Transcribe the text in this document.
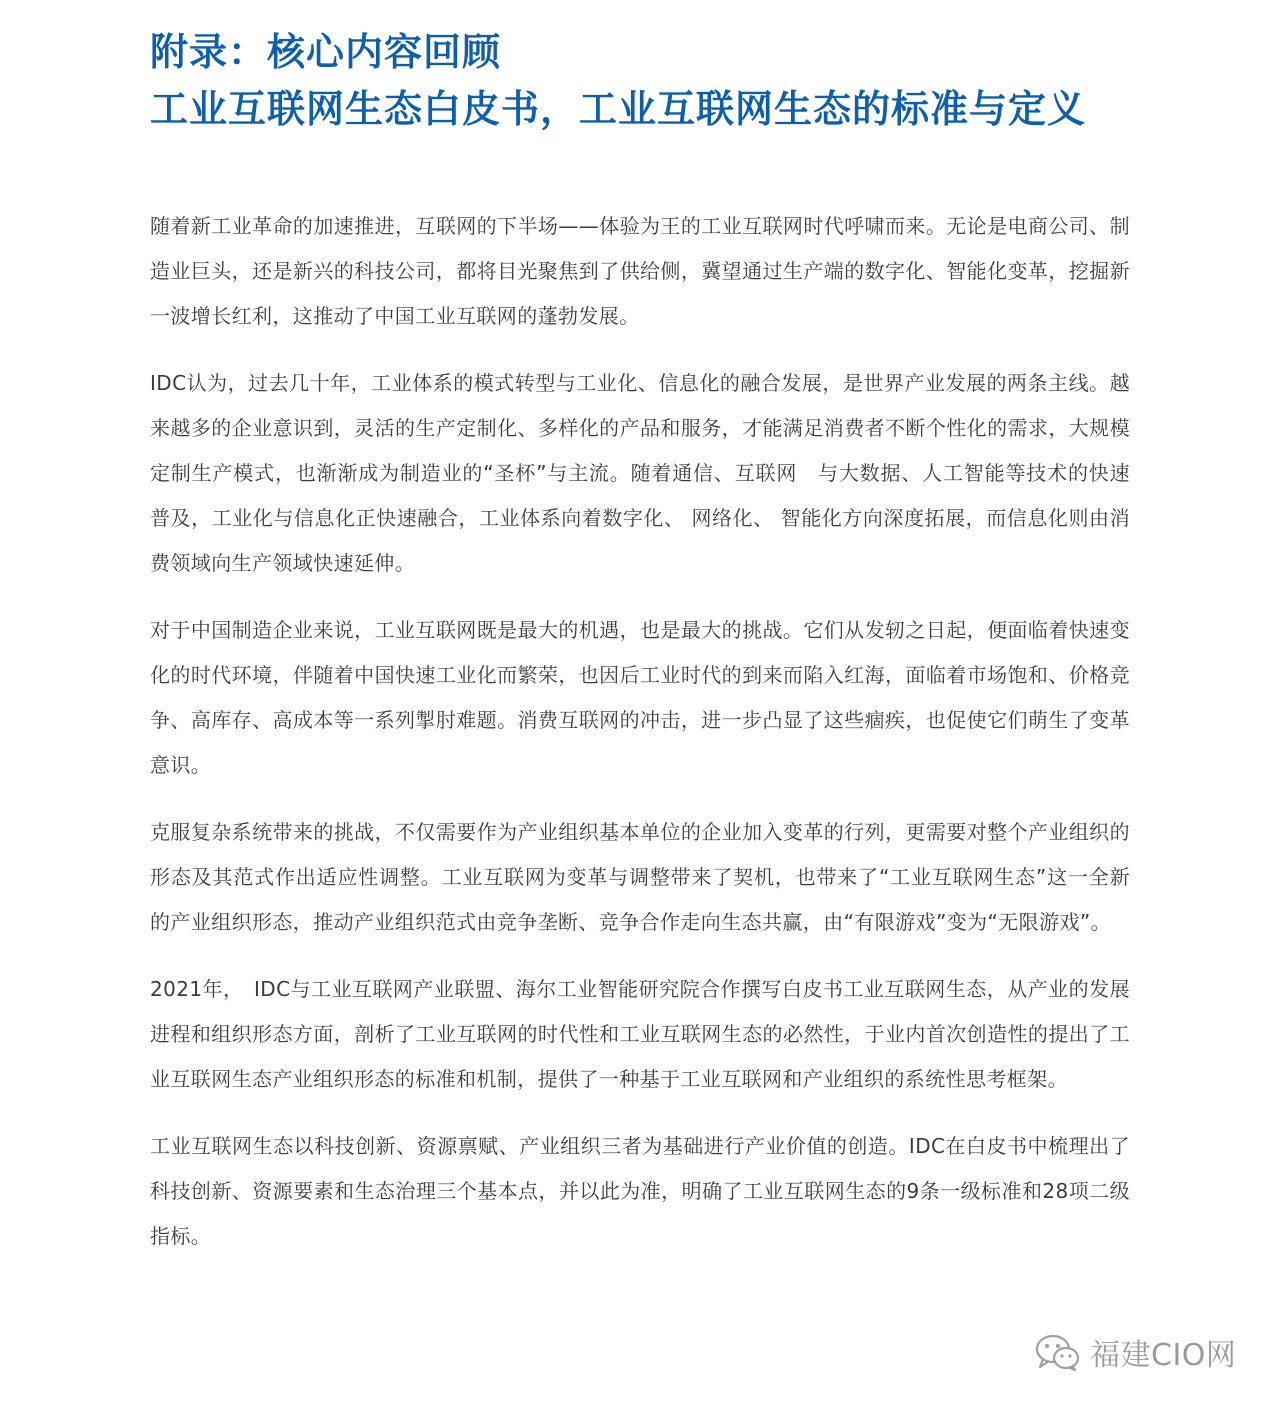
附录：核心内容回顾
工业互联网生态白皮书，工业互联网生态的标准与定义

随着新工业革命的加速推进，互联网的下半场——体验为王的工业互联网时代呼啸而来。无论是电商公司、制造业巨头，还是新兴的科技公司，都将目光聚焦到了供给侧，冀望通过生产端的数字化、智能化变革，挖掘新一波增长红利，这推动了中国工业互联网的蓬勃发展。

IDC认为，过去几十年，工业体系的模式转型与工业化、信息化的融合发展，是世界产业发展的两条主线。越来越多的企业意识到，灵活的生产定制化、多样化的产品和服务，才能满足消费者不断个性化的需求，大规模定制生产模式，也渐渐成为制造业的“圣杯”与主流。随着通信、互联网　与大数据、人工智能等技术的快速普及，工业化与信息化正快速融合，工业体系向着数字化、 网络化、 智能化方向深度拓展，而信息化则由消费领域向生产领域快速延伸。

对于中国制造企业来说，工业互联网既是最大的机遇，也是最大的挑战。它们从发轫之日起，便面临着快速变化的时代环境，伴随着中国快速工业化而繁荣，也因后工业时代的到来而陷入红海，面临着市场饱和、价格竞争、高库存、高成本等一系列掣肘难题。消费互联网的冲击，进一步凸显了这些痼疾，也促使它们萌生了变革意识。

克服复杂系统带来的挑战，不仅需要作为产业组织基本单位的企业加入变革的行列，更需要对整个产业组织的形态及其范式作出适应性调整。工业互联网为变革与调整带来了契机，也带来了“工业互联网生态”这一全新的产业组织形态，推动产业组织范式由竞争垄断、竞争合作走向生态共赢，由“有限游戏”变为“无限游戏”。

2021年，　IDC与工业互联网产业联盟、海尔工业智能研究院合作撰写白皮书工业互联网生态，从产业的发展进程和组织形态方面，剖析了工业互联网的时代性和工业互联网生态的必然性，于业内首次创造性的提出了工业互联网生态产业组织形态的标准和机制，提供了一种基于工业互联网和产业组织的系统性思考框架。

工业互联网生态以科技创新、资源禀赋、产业组织三者为基础进行产业价值的创造。IDC在白皮书中梳理出了科技创新、资源要素和生态治理三个基本点，并以此为准，明确了工业互联网生态的9条一级标准和28项二级指标。

福建CIO网
